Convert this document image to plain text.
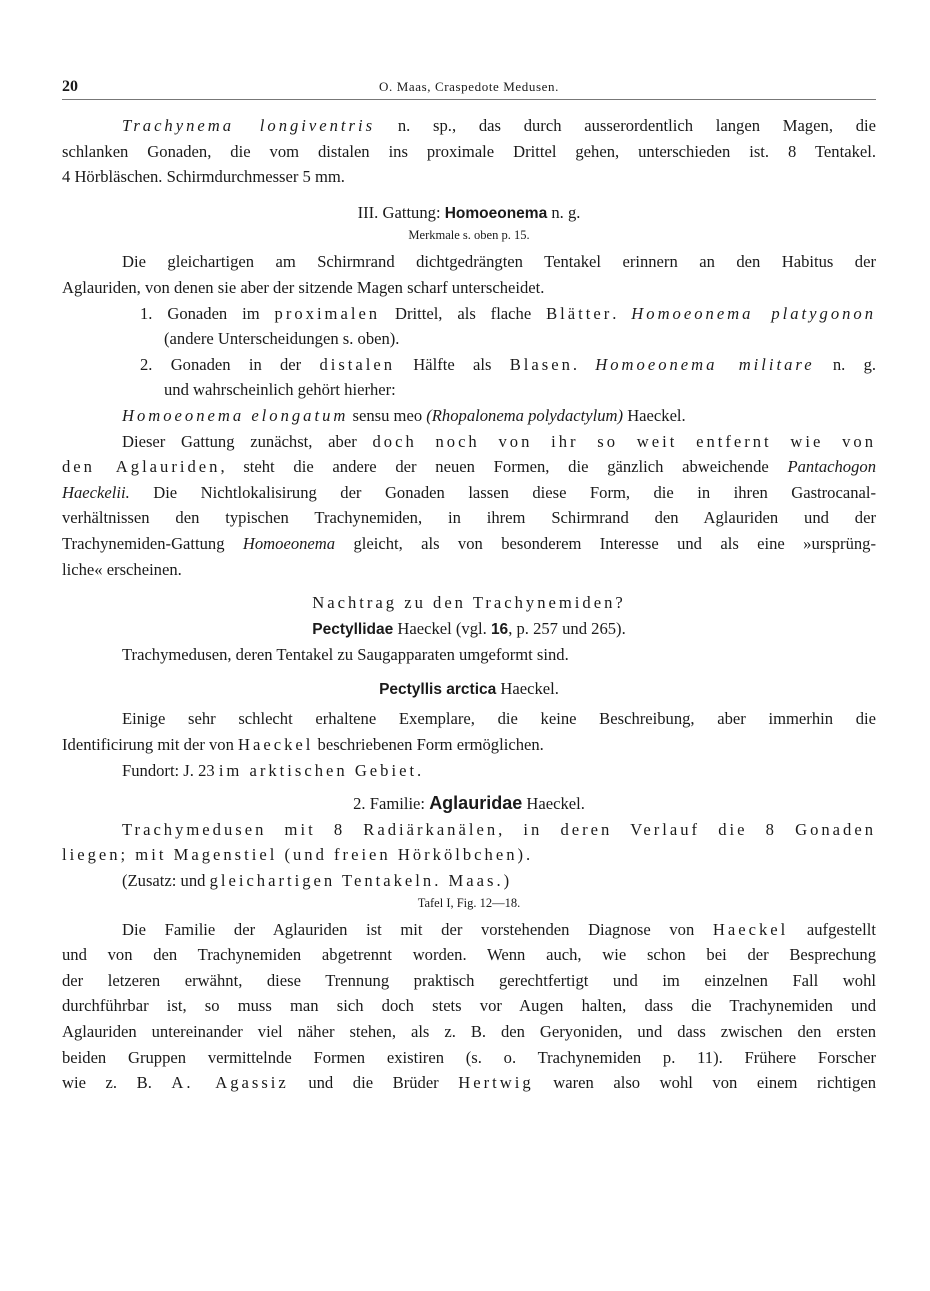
20	O. Maas, Craspedote Medusen.

Trachynema longiventris n. sp., das durch ausserordentlich langen Magen, die

schlanken Gonaden, die vom distalen ins proximale Drittel gehen, unterschieden ist. 8 Tentakel.

4 Hörbläschen. Schirmdurchmesser 5 mm.

III. Gattung: Homoeonema n. g.

Merkmale s. oben p. 15.

Die gleichartigen am Schirmrand dichtgedrängten Tentakel erinnern an den Habitus der

Aglauriden, von denen sie aber der sitzende Magen scharf unterscheidet.

1. Gonaden im proximalen Drittel, als flache Blätter. Homoeonema platygonon

(andere Unterscheidungen s. oben).

2. Gonaden in der distalen Hälfte als Blasen. Homoeonema militare n. g.

und wahrscheinlich gehört hierher:

Homoeonema elongatum sensu meo (Rhopalonema polydactylum) Haeckel.

Dieser Gattung zunächst, aber doch noch von ihr so weit entfernt wie von

den Aglauriden, steht die andere der neuen Formen, die gänzlich abweichende Pantachogon

Haeckelii. Die Nichtlokalisirung der Gonaden lassen diese Form, die in ihren Gastrocanal-

verhältnissen den typischen Trachynemiden, in ihrem Schirmrand den Aglauriden und der

Trachynemiden-Gattung Homoeonema gleicht, als von besonderem Interesse und als eine »ursprüng-

liche« erscheinen.

Nachtrag zu den Trachynemiden?

Pectyllidae Haeckel (vgl. 16, p. 257 und 265).

Trachymedusen, deren Tentakel zu Saugapparaten umgeformt sind.

Pectyllis arctica Haeckel.

Einige sehr schlecht erhaltene Exemplare, die keine Beschreibung, aber immerhin die

Identificirung mit der von Haeckel beschriebenen Form ermöglichen.

Fundort: J. 23 im arktischen Gebiet.

2. Familie: Aglauridae Haeckel.

Trachymedusen mit 8 Radiärkanälen, in deren Verlauf die 8 Gonaden

liegen; mit Magenstiel (und freien Hörkölbchen).

(Zusatz: und gleichartigen Tentakeln. Maas.)

Tafel I, Fig. 12—18.

Die Familie der Aglauriden ist mit der vorstehenden Diagnose von Haeckel aufgestellt

und von den Trachynemiden abgetrennt worden. Wenn auch, wie schon bei der Besprechung

der letzeren erwähnt, diese Trennung praktisch gerechtfertigt und im einzelnen Fall wohl

durchführbar ist, so muss man sich doch stets vor Augen halten, dass die Trachynemiden und

Aglauriden untereinander viel näher stehen, als z. B. den Geryoniden, und dass zwischen den ersten

beiden Gruppen vermittelnde Formen existiren (s. o. Trachynemiden p. 11). Frühere Forscher

wie z. B. A. Agassiz und die Brüder Hertwig waren also wohl von einem richtigen
